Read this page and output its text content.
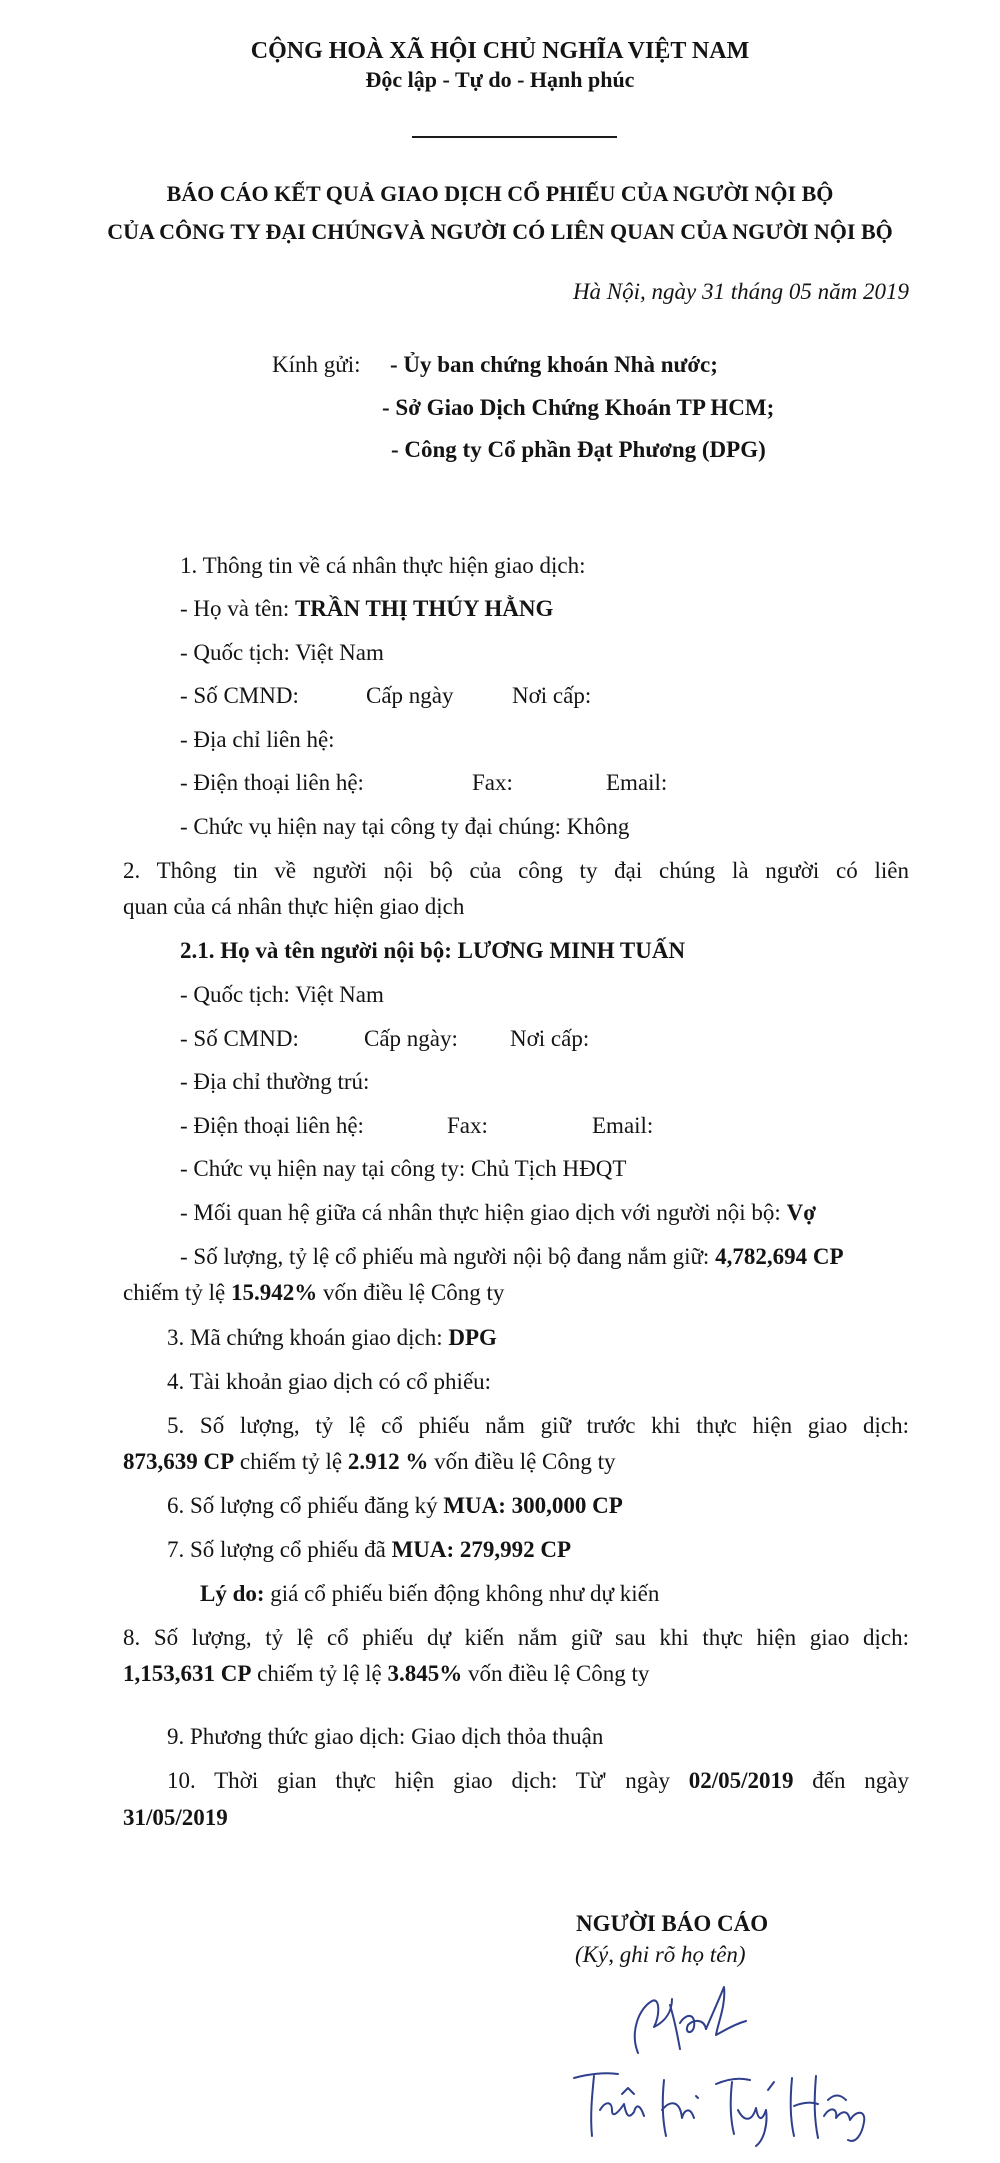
CỘNG HOÀ XÃ HỘI CHỦ NGHĨA VIỆT NAM
Độc lập - Tự do - Hạnh phúc
BÁO CÁO KẾT QUẢ GIAO DỊCH CỔ PHIẾU CỦA NGƯỜI NỘI BỘ
CỦA CÔNG TY ĐẠI CHÚNGVÀ NGƯỜI CÓ LIÊN QUAN CỦA NGƯỜI NỘI BỘ
Hà Nội, ngày 31 tháng 05 năm 2019
Kính gửi: - Ủy ban chứng khoán Nhà nước;
- Sở Giao Dịch Chứng Khoán TP HCM;
- Công ty Cổ phần Đạt Phương (DPG)
1. Thông tin về cá nhân thực hiện giao dịch:
- Họ và tên: TRẦN THỊ THÚY HẰNG
- Quốc tịch: Việt Nam
- Số CMND:	Cấp ngày	Nơi cấp:
- Địa chỉ liên hệ:
- Điện thoại liên hệ:	Fax:	Email:
- Chức vụ hiện nay tại công ty đại chúng: Không
2. Thông tin về người nội bộ của công ty đại chúng là người có liên
quan của cá nhân thực hiện giao dịch
2.1. Họ và tên người nội bộ: LƯƠNG MINH TUẤN
- Quốc tịch: Việt Nam
- Số CMND:	Cấp ngày: Nơi cấp:
- Địa chỉ thường trú:
- Điện thoại liên hệ:	Fax:	Email:
- Chức vụ hiện nay tại công ty: Chủ Tịch HĐQT
- Mối quan hệ giữa cá nhân thực hiện giao dịch với người nội bộ: Vợ
- Số lượng, tỷ lệ cổ phiếu mà người nội bộ đang nắm giữ: 4,782,694 CP
chiếm tỷ lệ 15.942% vốn điều lệ Công ty
3. Mã chứng khoán giao dịch: DPG
4. Tài khoản giao dịch có cổ phiếu:
5. Số lượng, tỷ lệ cổ phiếu nắm giữ trước khi thực hiện giao dịch:
873,639 CP chiếm tỷ lệ 2.912 % vốn điều lệ Công ty
6. Số lượng cổ phiếu đăng ký MUA: 300,000 CP
7. Số lượng cổ phiếu đã MUA: 279,992 CP
Lý do: giá cổ phiếu biến động không như dự kiến
8. Số lượng, tỷ lệ cổ phiếu dự kiến nắm giữ sau khi thực hiện giao dịch:
1,153,631 CP chiếm tỷ lệ lệ 3.845% vốn điều lệ Công ty
9. Phương thức giao dịch: Giao dịch thỏa thuận
10. Thời gian thực hiện giao dịch: Từ' ngày 02/05/2019 đến ngày
31/05/2019
NGƯỜI BÁO CÁO
(Ký, ghi rõ họ tên)
